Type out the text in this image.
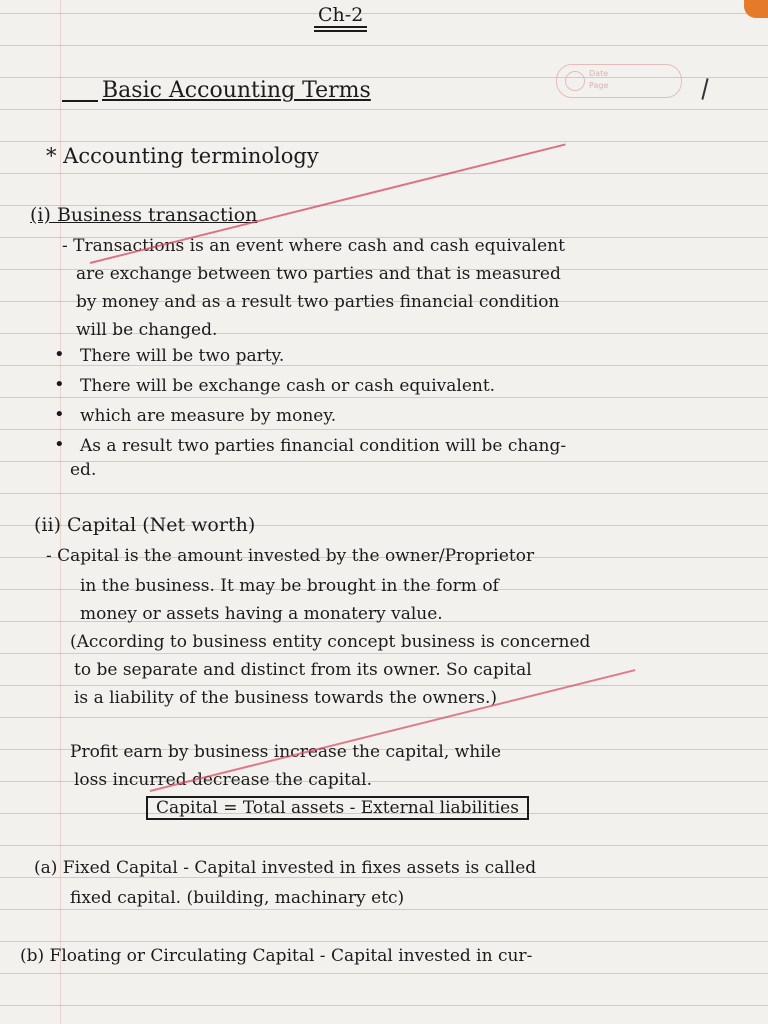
Date
Page
Ch-2
Basic Accounting Terms
* Accounting terminology
(i) Business transaction
- Transactions is an event where cash and cash equivalent
are exchange between two parties and that is measured
by money and as a result two parties financial condition
will be changed.
• There will be two party.
• There will be exchange cash or cash equivalent.
• which are measure by money.
• As a result two parties financial condition will be chang-
ed.
(ii) Capital (Net worth)
- Capital is the amount invested by the owner/Proprietor
in the business. It may be brought in the form of
money or assets having a monatery value.
(According to business entity concept business is concerned
to be separate and distinct from its owner. So capital
is a liability of the business towards the owners.)
Profit earn by business increase the capital, while
loss incurred decrease the capital.
Capital = Total assets - External liabilities
(a) Fixed Capital - Capital invested in fixes assets is called
fixed capital. (building, machinary etc)
(b) Floating or Circulating Capital - Capital invested in cur-
